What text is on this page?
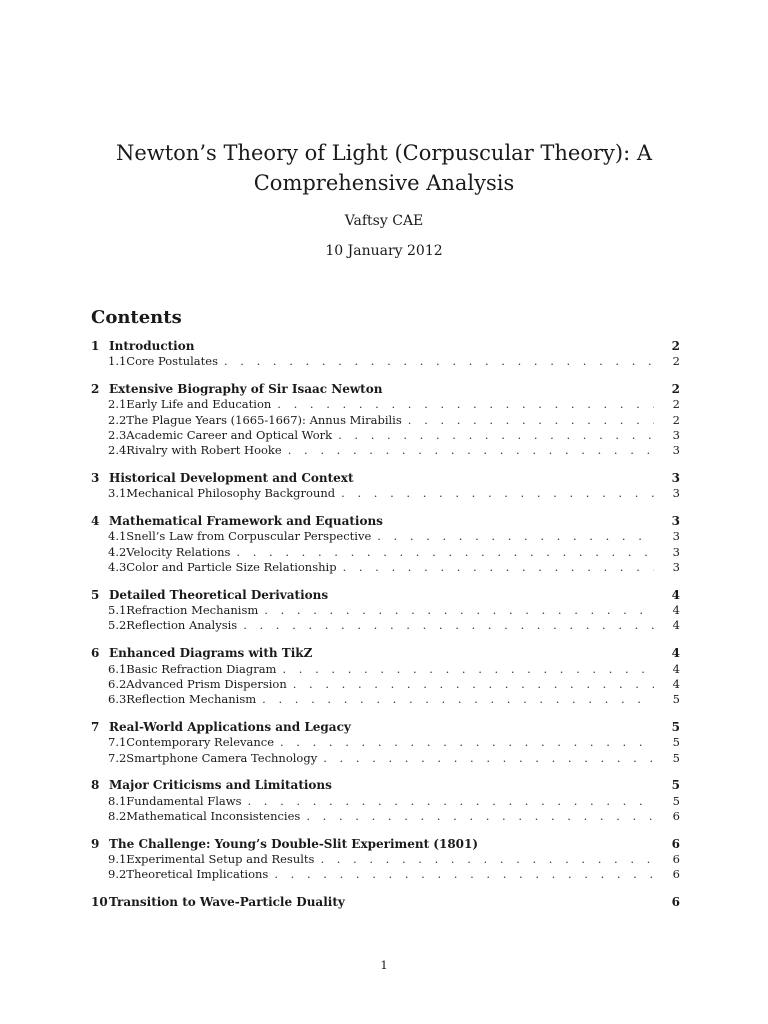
Newton’s Theory of Light (Corpuscular Theory): A Comprehensive Analysis
Vaftsy CAE
10 January 2012
Contents
1 Introduction	2
1.1 Core Postulates . . .	2
2 Extensive Biography of Sir Isaac Newton	2
2.1 Early Life and Education . . .	2
2.2 The Plague Years (1665-1667): Annus Mirabilis . . .	2
2.3 Academic Career and Optical Work . . .	3
2.4 Rivalry with Robert Hooke . . .	3
3 Historical Development and Context	3
3.1 Mechanical Philosophy Background . . .	3
4 Mathematical Framework and Equations	3
4.1 Snell’s Law from Corpuscular Perspective . . .	3
4.2 Velocity Relations . . .	3
4.3 Color and Particle Size Relationship . . .	3
5 Detailed Theoretical Derivations	4
5.1 Refraction Mechanism . . .	4
5.2 Reflection Analysis . . .	4
6 Enhanced Diagrams with TikZ	4
6.1 Basic Refraction Diagram . . .	4
6.2 Advanced Prism Dispersion . . .	4
6.3 Reflection Mechanism . . .	5
7 Real-World Applications and Legacy	5
7.1 Contemporary Relevance . . .	5
7.2 Smartphone Camera Technology . . .	5
8 Major Criticisms and Limitations	5
8.1 Fundamental Flaws . . .	5
8.2 Mathematical Inconsistencies . . .	6
9 The Challenge: Young’s Double-Slit Experiment (1801)	6
9.1 Experimental Setup and Results . . .	6
9.2 Theoretical Implications . . .	6
10 Transition to Wave-Particle Duality	6
1
